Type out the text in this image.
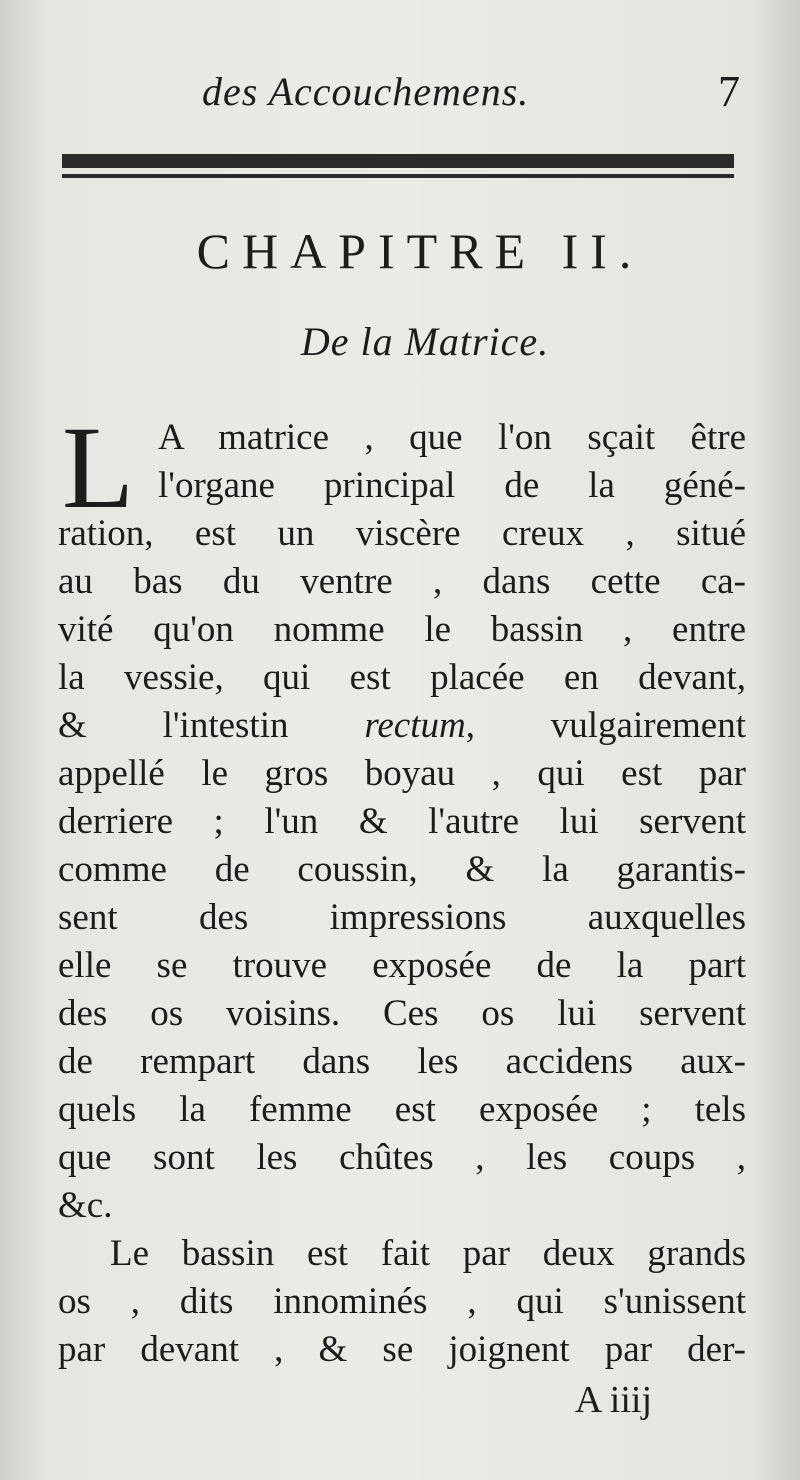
des Accouchemens.	7
CHAPITRE II.
De la Matrice.
L A matrice , que l'on sçait être
l'organe principal de la géné-
ration, est un viscère creux , situé
au bas du ventre , dans cette ca-
vité qu'on nomme le bassin , entre
la vessie, qui est placée en devant,
& l'intestin rectum, vulgairement
appellé le gros boyau , qui est par
derriere ; l'un & l'autre lui servent
comme de coussin, & la garantis-
sent des impressions auxquelles
elle se trouve exposée de la part
des os voisins. Ces os lui servent
de rempart dans les accidens aux-
quels la femme est exposée ; tels
que sont les chûtes , les coups ,
&c.
Le bassin est fait par deux grands
os , dits innominés , qui s'unissent
par devant , & se joignent par der-
A iiij
